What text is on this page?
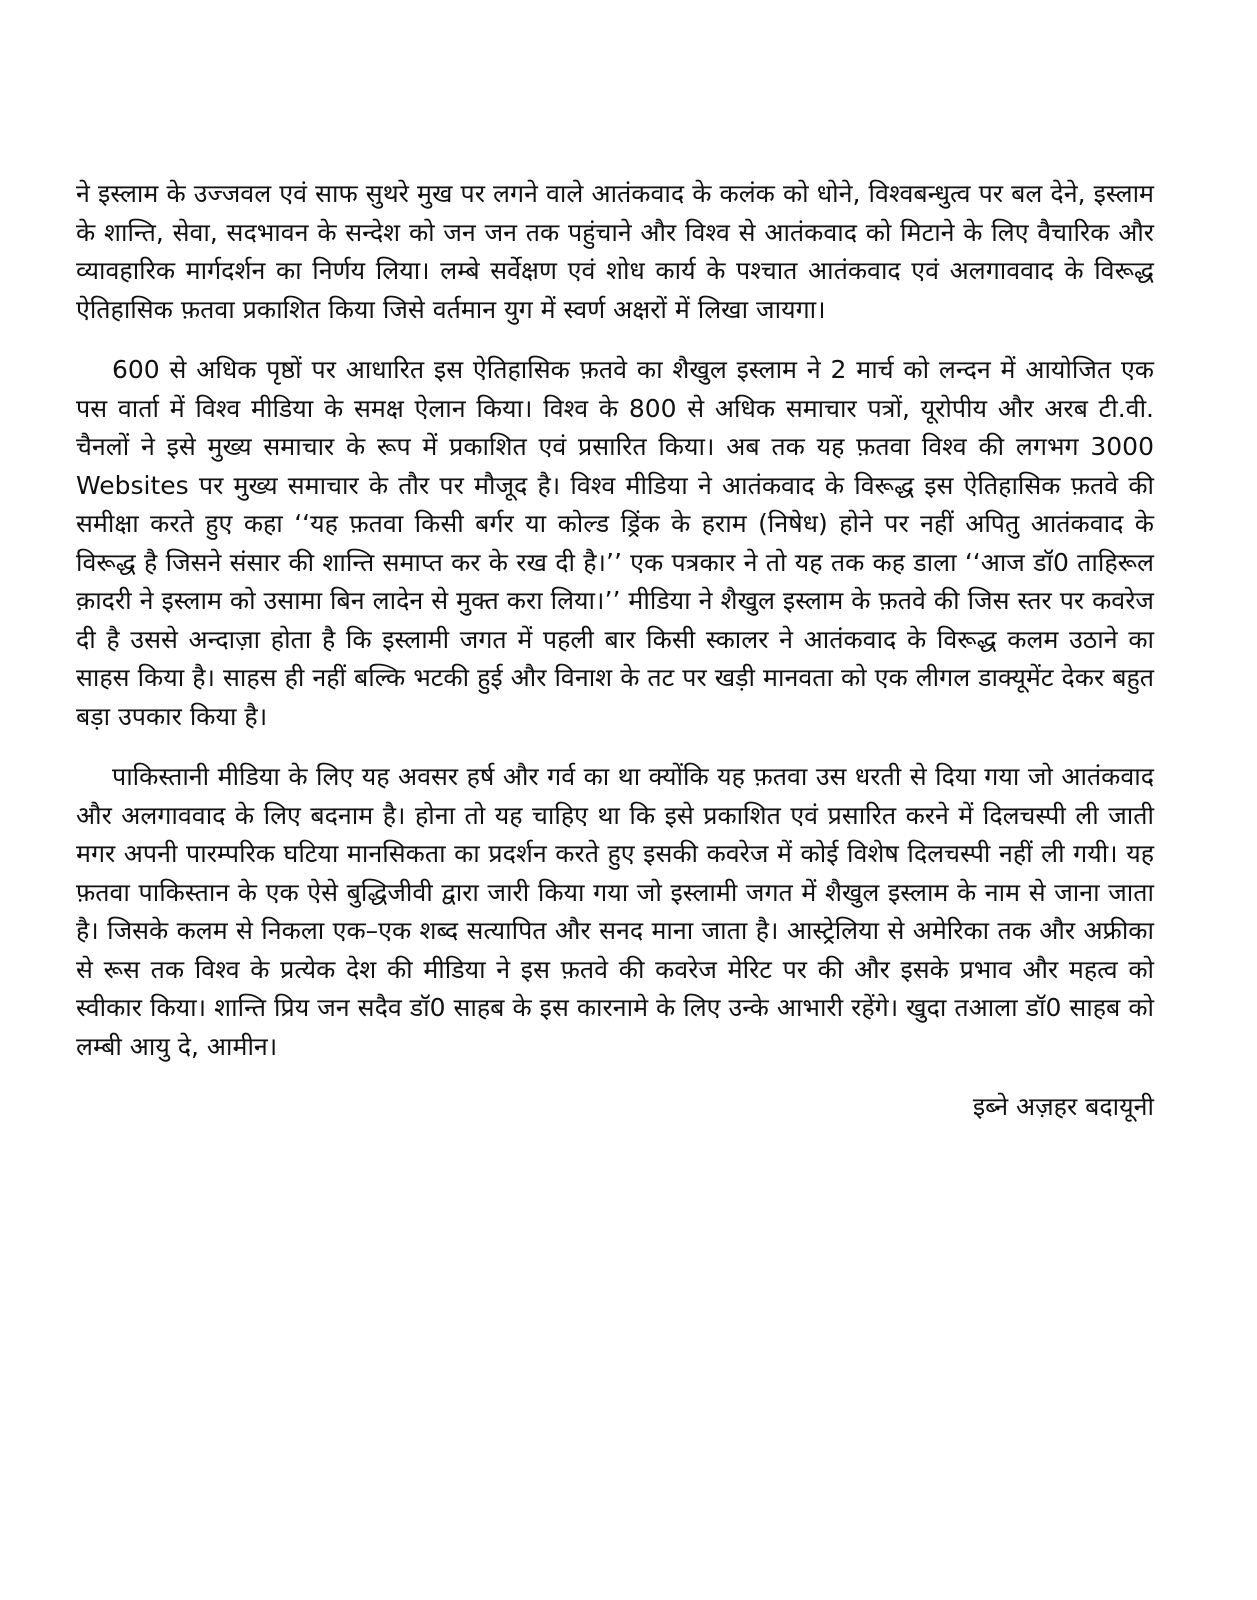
ने इस्लाम के उज्जवल एवं साफ सुथरे मुख पर लगने वाले आतंकवाद के कलंक को धोने, विश्वबन्धुत्व पर बल देने, इस्लाम के शान्ति, सेवा, सदभावन के सन्देश को जन जन तक पहुंचाने और विश्व से आतंकवाद को मिटाने के लिए वैचारिक और व्यावहारिक मार्गदर्शन का निर्णय लिया। लम्बे सर्वेक्षण एवं शोध कार्य के पश्चात आतंकवाद एवं अलगाववाद के विरूद्ध ऐतिहासिक फ़तवा प्रकाशित किया जिसे वर्तमान युग में स्वर्ण अक्षरों में लिखा जायगा।

600 से अधिक पृष्ठों पर आधारित इस ऐतिहासिक फ़तवे का शैखुल इस्लाम ने 2 मार्च को लन्दन में आयोजित एक पस वार्ता में विश्व मीडिया के समक्ष ऐलान किया। विश्व के 800 से अधिक समाचार पत्रों, यूरोपीय और अरब टी.वी. चैनलों ने इसे मुख्य समाचार के रूप में प्रकाशित एवं प्रसारित किया। अब तक यह फ़तवा विश्व की लगभग 3000 Websites पर मुख्य समाचार के तौर पर मौजूद है। विश्व मीडिया ने आतंकवाद के विरूद्ध इस ऐतिहासिक फ़तवे की समीक्षा करते हुए कहा ‘‘यह फ़तवा किसी बर्गर या कोल्ड ड्रिंक के हराम (निषेध) होने पर नहीं अपितु आतंकवाद के विरूद्ध है जिसने संसार की शान्ति समाप्त कर के रख दी है।’’ एक पत्रकार ने तो यह तक कह डाला ‘‘आज डॉ0 ताहिरूल क़ादरी ने इस्लाम को उसामा बिन लादेन से मुक्त करा लिया।’’ मीडिया ने शैखुल इस्लाम के फ़तवे की जिस स्तर पर कवरेज दी है उससे अन्दाज़ा होता है कि इस्लामी जगत में पहली बार किसी स्कालर ने आतंकवाद के विरूद्ध कलम उठाने का साहस किया है। साहस ही नहीं बल्कि भटकी हुई और विनाश के तट पर खड़ी मानवता को एक लीगल डाक्यूमेंट देकर बहुत बड़ा उपकार किया है।

पाकिस्तानी मीडिया के लिए यह अवसर हर्ष और गर्व का था क्योंकि यह फ़तवा उस धरती से दिया गया जो आतंकवाद और अलगाववाद के लिए बदनाम है। होना तो यह चाहिए था कि इसे प्रकाशित एवं प्रसारित करने में दिलचस्पी ली जाती मगर अपनी पारम्परिक घटिया मानसिकता का प्रदर्शन करते हुए इसकी कवरेज में कोई विशेष दिलचस्पी नहीं ली गयी। यह फ़तवा पाकिस्तान के एक ऐसे बुद्धिजीवी द्वारा जारी किया गया जो इस्लामी जगत में शैखुल इस्लाम के नाम से जाना जाता है। जिसके कलम से निकला एक–एक शब्द सत्यापित और सनद माना जाता है। आस्ट्रेलिया से अमेरिका तक और अफ्रीका से रूस तक विश्व के प्रत्येक देश की मीडिया ने इस फ़तवे की कवरेज मेरिट पर की और इसके प्रभाव और महत्व को स्वीकार किया। शान्ति प्रिय जन सदैव डॉ0 साहब के इस कारनामे के लिए उन्के आभारी रहेंगे। खुदा तआला डॉ0 साहब को लम्बी आयु दे, आमीन।

इब्ने अज़हर बदायूनी
